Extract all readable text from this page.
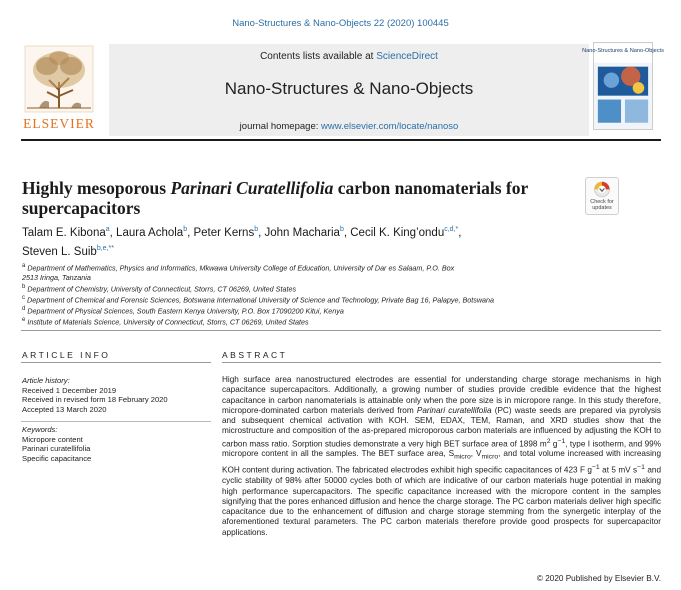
Nano-Structures & Nano-Objects 22 (2020) 100445
ELSEVIER
Contents lists available at ScienceDirect
Nano-Structures & Nano-Objects
journal homepage: www.elsevier.com/locate/nanoso
Nano-Structures & Nano-Objects
Highly mesoporous Parinari Curatellifolia carbon nanomaterials for
supercapacitors	Check for
updates
Talam E. Kibona$^a$, Laura Achola$^b$, Peter Kerns$^b$, John Macharia$^b$, Cecil K. King’ondu$^{c,d,*}$,
Steven L. Suib$^{b,e,**}$
$^a$ Department of Mathematics, Physics and Informatics, Mkwawa University College of Education, University of Dar es Salaam, P.O. Box
2513 Iringa, Tanzania
$^b$ Department of Chemistry, University of Connecticut, Storrs, CT 06269, United States
$^c$ Department of Chemical and Forensic Sciences, Botswana International University of Science and Technology, Private Bag 16, Palapye, Botswana
$^d$ Department of Physical Sciences, South Eastern Kenya University, P.O. Box 17090200 Kitui, Kenya
$^e$ Institute of Materials Science, University of Connecticut, Storrs, CT 06269, United States
ARTICLE INFO	ABSTRACT
Article history:
Received 1 December 2019
Received in revised form 18 February 2020
Accepted 13 March 2020
Keywords:
Micropore content
Parinari curatellifolia
Specific capacitance

High surface area nanostructured electrodes are essential for understanding charge storage mechanisms in high capacitance supercapacitors. Additionally, a growing number of studies provide credible evidence that the highest capacitance in carbon nanomaterials is attainable only when the pore size is in micropore range. In this study therefore, micropore-dominated carbon materials derived from Parinari curatellifolia (PC) waste seeds are prepared via pyrolysis and subsequent chemical activation with KOH. SEM, EDAX, TEM, Raman, and XRD studies show that the microstructure and composition of the as-prepared microporous carbon materials are influenced by adjusting the KOH to carbon mass ratio. Sorption studies demonstrate a very high BET surface area of 1898 $m^2$ $g^{-1}$, type I isotherm, and 99% micropore content in all the samples. The BET surface area, $S_{micro}$, $V_{micro}$, and total volume increased with increasing KOH content during activation. The fabricated electrodes exhibit high specific capacitances of 423 F $g^{-1}$ at 5 mV $s^{-1}$ and cyclic stability of 98% after 50000 cycles both of which are indicative of our carbon materials huge potential in making high performance supercapacitors. The specific capacitance increased with the micropore content in the samples signifying that the pores enhanced diffusion and hence the charge storage. The PC carbon materials deliver high specific capacitance due to the enhancement of diffusion and charge storage stemming from the synergetic interplay of the aforementioned textural parameters. The PC carbon materials therefore provide good prospects for supercapacitor applications.

© 2020 Published by Elsevier B.V.
